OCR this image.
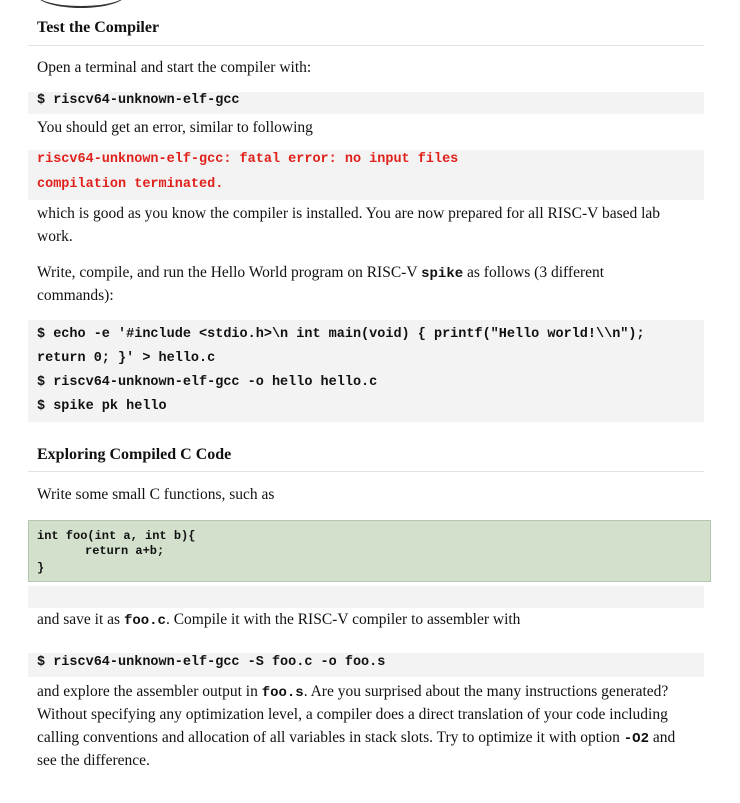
Test the Compiler
Open a terminal and start the compiler with:
$ riscv64-unknown-elf-gcc
You should get an error, similar to following
riscv64-unknown-elf-gcc: fatal error: no input files
compilation terminated.
which is good as you know the compiler is installed. You are now prepared for all RISC-V based lab
work.
Write, compile, and run the Hello World program on RISC-V spike as follows (3 different
commands):
$ echo -e '#include <stdio.h>\n int main(void) { printf("Hello world!\\n");
return 0; }' > hello.c
$ riscv64-unknown-elf-gcc -o hello hello.c
$ spike pk hello
Exploring Compiled C Code
Write some small C functions, such as
int foo(int a, int b){
return a+b;
}
and save it as foo.c. Compile it with the RISC-V compiler to assembler with
$ riscv64-unknown-elf-gcc -S foo.c -o foo.s
and explore the assembler output in foo.s. Are you surprised about the many instructions generated?
Without specifying any optimization level, a compiler does a direct translation of your code including
calling conventions and allocation of all variables in stack slots. Try to optimize it with option -O2 and
see the difference.
